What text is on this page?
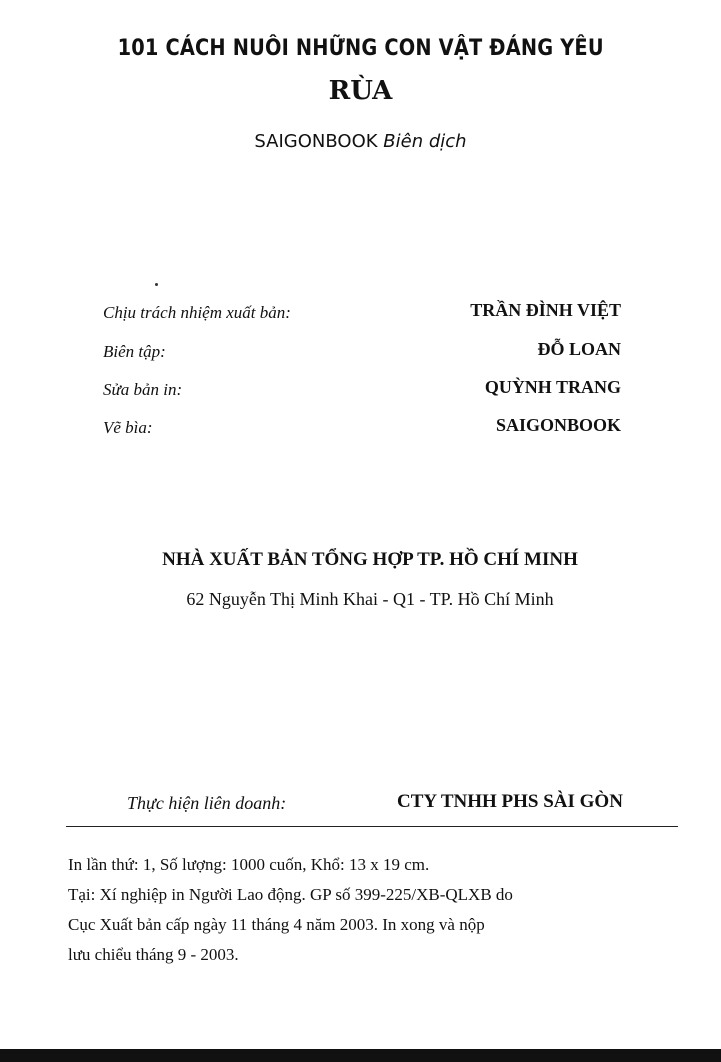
101 CÁCH NUÔI NHỮNG CON VẬT ĐÁNG YÊU
RÙA
SAIGONBOOK Biên dịch
Chịu trách nhiệm xuất bản:	TRẦN ĐÌNH VIỆT
Biên tập:	ĐỖ LOAN
Sửa bản in:	QUỲNH TRANG
Vẽ bìa:	SAIGONBOOK
NHÀ XUẤT BẢN TỔNG HỢP TP. HỒ CHÍ MINH
62 Nguyễn Thị Minh Khai - Q1 - TP. Hồ Chí Minh
Thực hiện liên doanh:	CTY TNHH PHS SÀI GÒN
In lần thứ: 1, Số lượng: 1000 cuốn, Khổ: 13 x 19 cm.
Tại: Xí nghiệp in Người Lao động. GP số 399-225/XB-QLXB do
Cục Xuất bản cấp ngày 11 tháng 4 năm 2003. In xong và nộp
lưu chiểu tháng 9 - 2003.
